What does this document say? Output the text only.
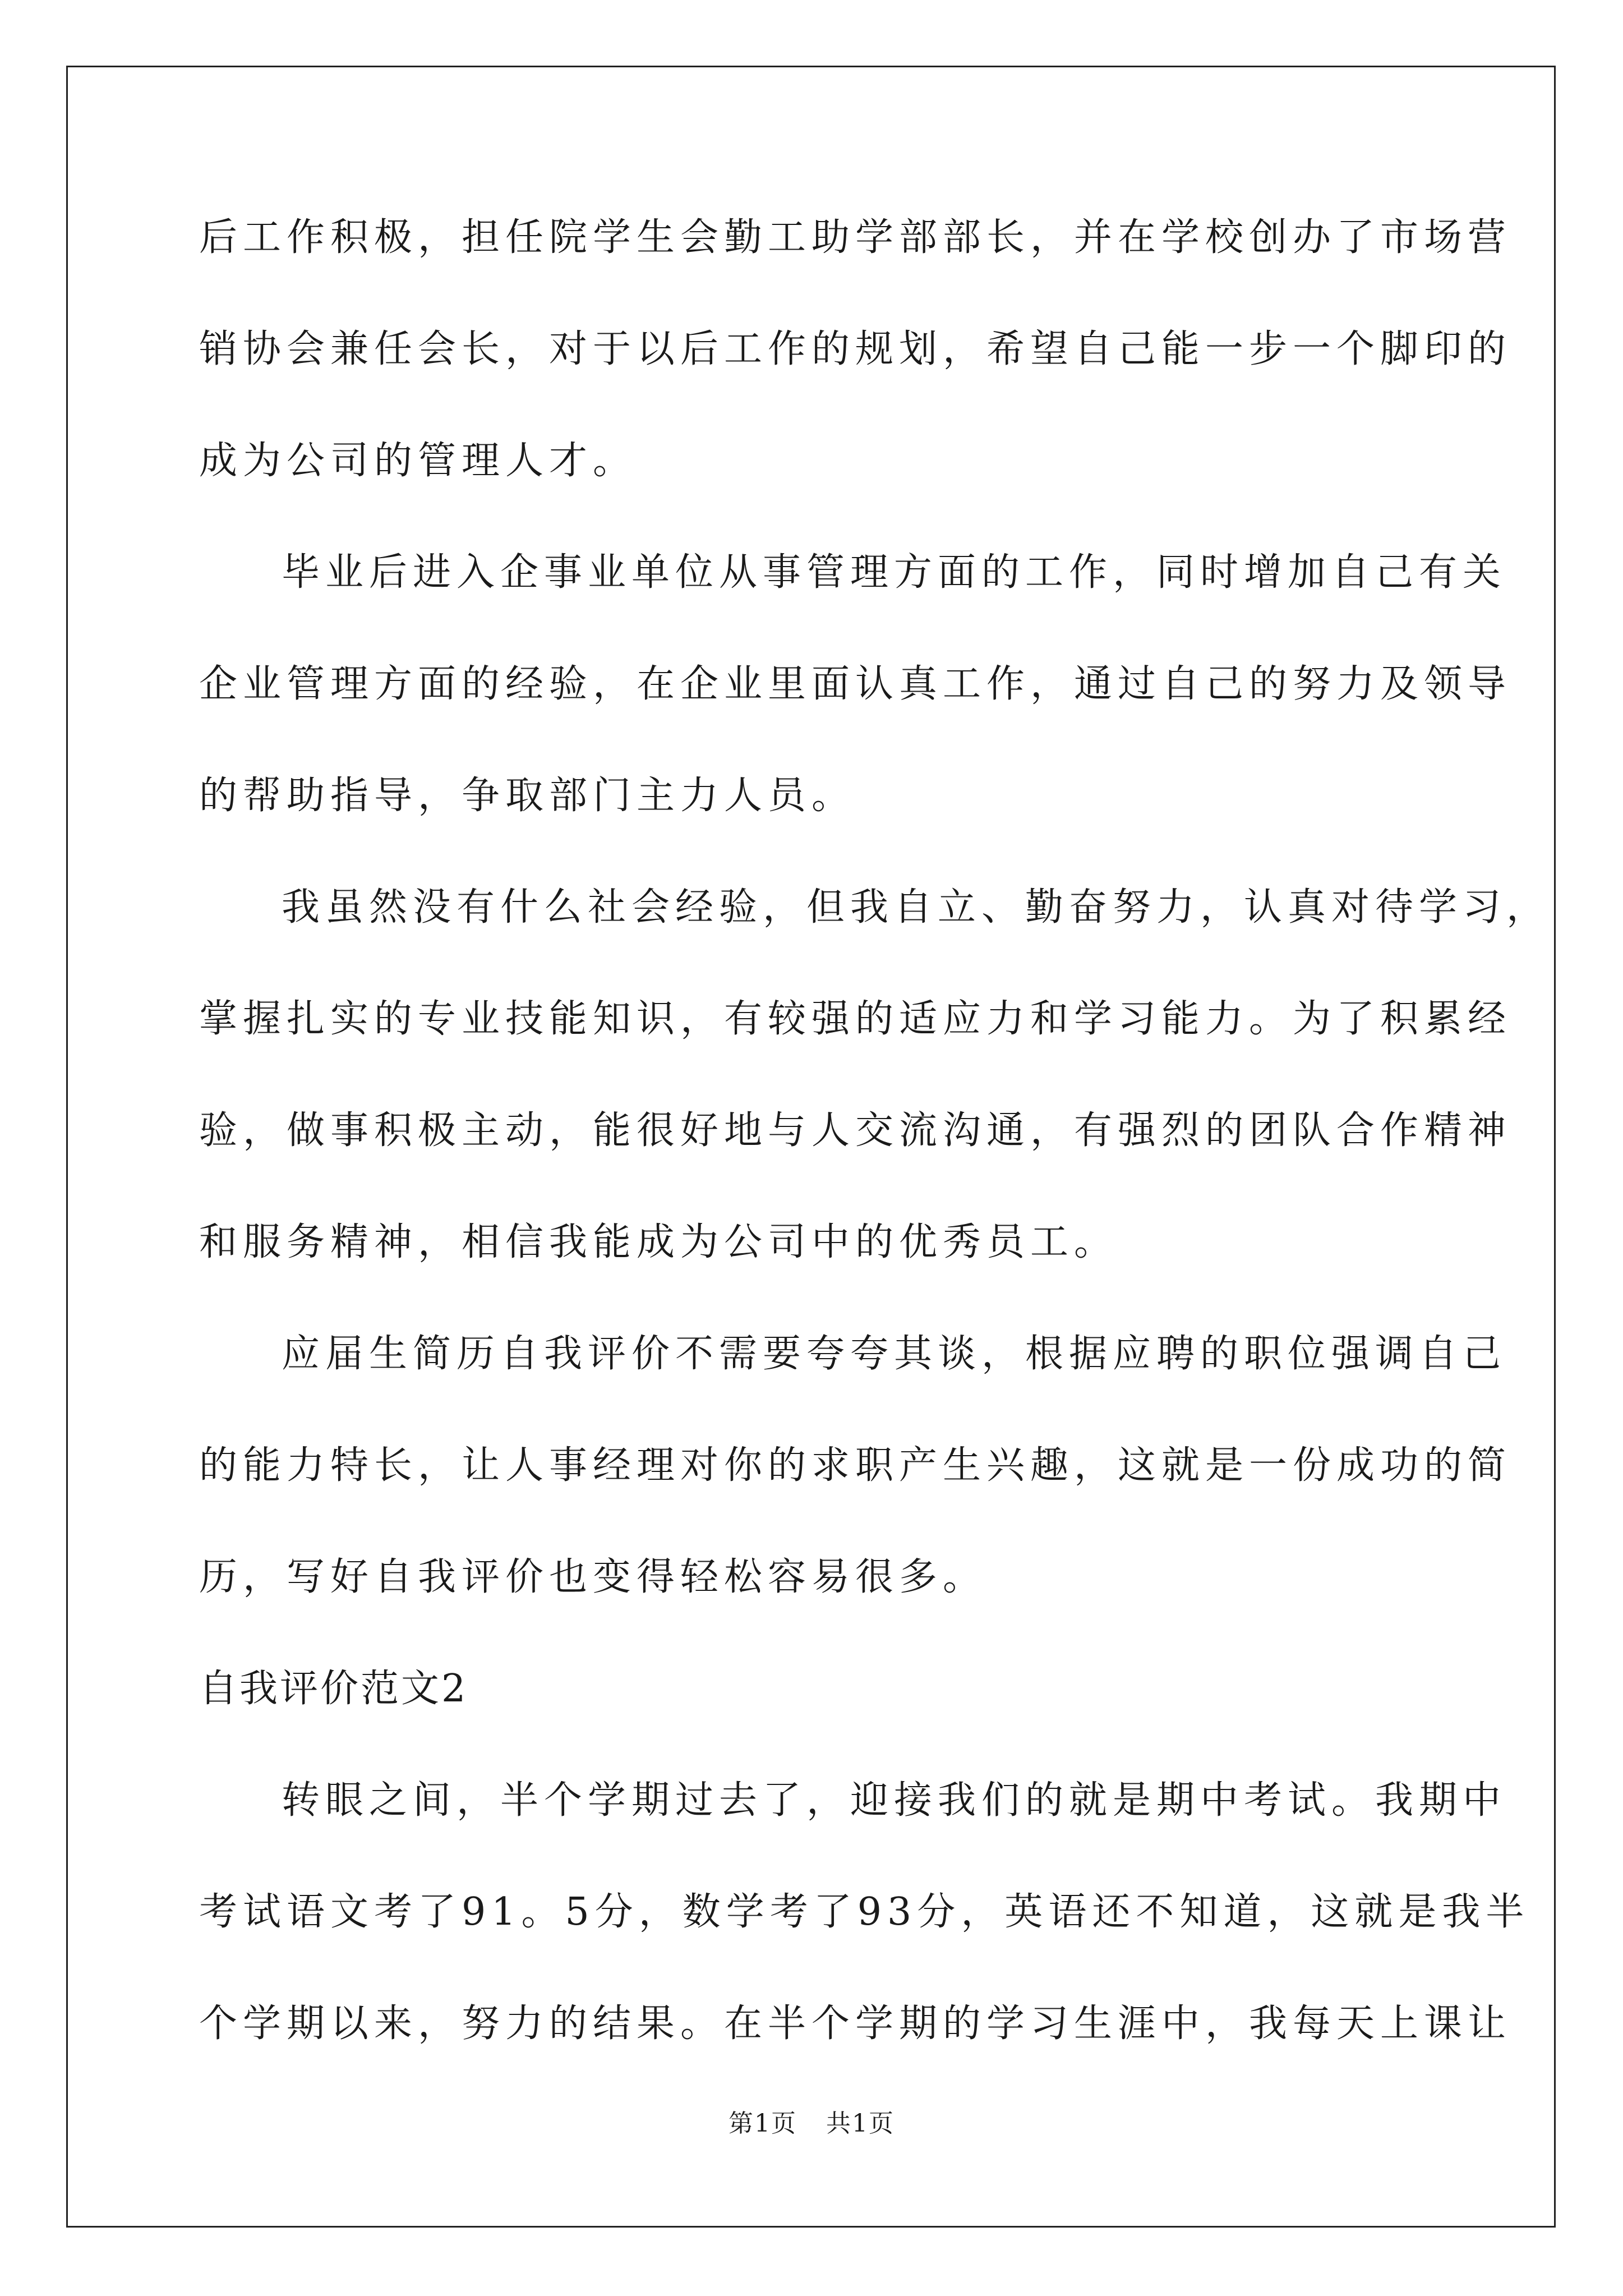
后工作积极，担任院学生会勤工助学部部长，并在学校创办了市场营
销协会兼任会长，对于以后工作的规划，希望自己能一步一个脚印的
成为公司的管理人才。
毕业后进入企事业单位从事管理方面的工作，同时增加自己有关
企业管理方面的经验，在企业里面认真工作，通过自己的努力及领导
的帮助指导，争取部门主力人员。
我虽然没有什么社会经验，但我自立、勤奋努力，认真对待学习，
掌握扎实的专业技能知识，有较强的适应力和学习能力。为了积累经
验，做事积极主动，能很好地与人交流沟通，有强烈的团队合作精神
和服务精神，相信我能成为公司中的优秀员工。
应届生简历自我评价不需要夸夸其谈，根据应聘的职位强调自己
的能力特长，让人事经理对你的求职产生兴趣，这就是一份成功的简
历，写好自我评价也变得轻松容易很多。
自我评价范文2
转眼之间，半个学期过去了，迎接我们的就是期中考试。我期中
考试语文考了91。5分，数学考了93分，英语还不知道，这就是我半
个学期以来，努力的结果。在半个学期的学习生涯中，我每天上课让
第1页 共1页
